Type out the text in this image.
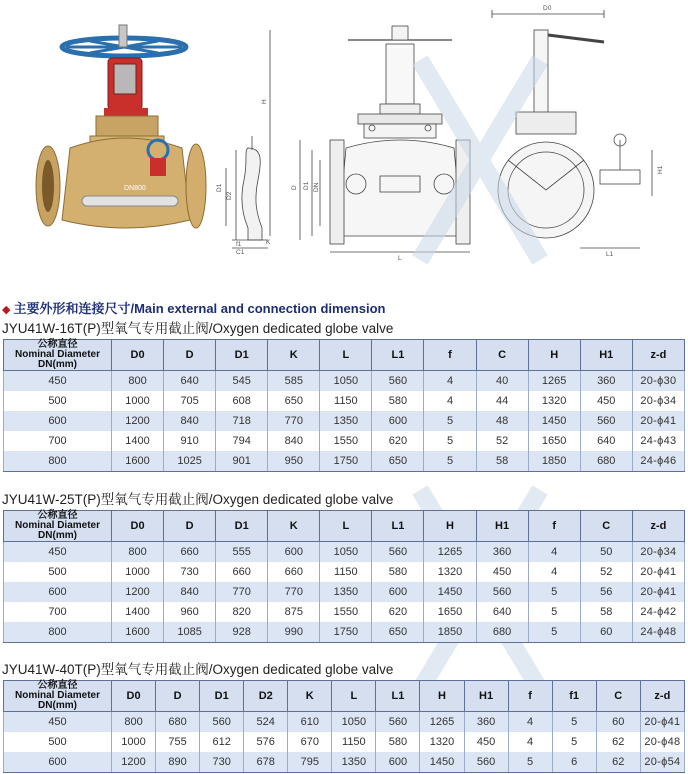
DN800	D1
D2
f1
C1
H
D D1 DN
L
K
D0
L1
H1
◆ 主要外形和连接尺寸/Main external and connection dimension
JYU41W-16T(P)型氧气专用截止阀/Oxygen dedicated globe valve
公称直径
Nominal Diameter
DN(mm)	D0	D	D1	K	L	L1	f	C	H	H1	z-d
450	800	640	545	585	1050	560	4	40	1265	360	20-ϕ30
500	1000	705	608	650	1150	580	4	44	1320	450	20-ϕ34
600	1200	840	718	770	1350	600	5	48	1450	560	20-ϕ41
700	1400	910	794	840	1550	620	5	52	1650	640	24-ϕ43
800	1600	1025	901	950	1750	650	5	58	1850	680	24-ϕ46
JYU41W-25T(P)型氧气专用截止阀/Oxygen dedicated globe valve
公称直径
Nominal Diameter
DN(mm)	D0	D	D1	K	L	L1	H	H1	f	C	z-d
450	800	660	555	600	1050	560	1265	360	4	50	20-ϕ34
500	1000	730	660	660	1150	580	1320	450	4	52	20-ϕ41
600	1200	840	770	770	1350	600	1450	560	5	56	20-ϕ41
700	1400	960	820	875	1550	620	1650	640	5	58	24-ϕ42
800	1600	1085	928	990	1750	650	1850	680	5	60	24-ϕ48
JYU41W-40T(P)型氧气专用截止阀/Oxygen dedicated globe valve
公称直径
Nominal Diameter
DN(mm)	D0	D	D1	D2	K	L	L1	H	H1	f	f1	C	z-d
450	800	680	560	524	610	1050	560	1265	360	4	5	60	20-ϕ41
500	1000	755	612	576	670	1150	580	1320	450	4	5	62	20-ϕ48
600	1200	890	730	678	795	1350	600	1450	560	5	6	62	20-ϕ54
